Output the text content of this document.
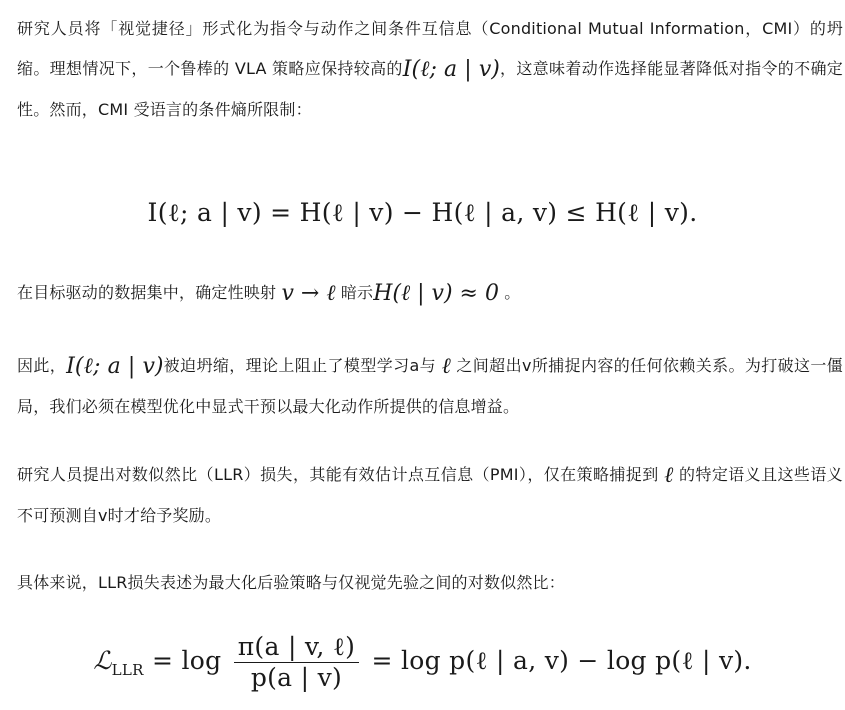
研究人员将「视觉捷径」形式化为指令与动作之间条件互信息（Conditional Mutual Information，CMI）的坍缩。理想情况下，一个鲁棒的 VLA 策略应保持较高的I(ℓ; a | v)，这意味着动作选择能显著降低对指令的不确定性。然而，CMI 受语言的条件熵所限制：
I(ℓ; a | v) = H(ℓ | v) − H(ℓ | a, v) ≤ H(ℓ | v).
在目标驱动的数据集中，确定性映射 v → ℓ 暗示H(ℓ | v) ≈ 0 。
因此，I(ℓ; a | v)被迫坍缩，理论上阻止了模型学习a与 ℓ 之间超出v所捕捉内容的任何依赖关系。为打破这一僵局，我们必须在模型优化中显式干预以最大化动作所提供的信息增益。
研究人员提出对数似然比（LLR）损失，其能有效估计点互信息（PMI），仅在策略捕捉到 ℓ 的特定语义且这些语义不可预测自v时才给予奖励。
具体来说，LLR损失表述为最大化后验策略与仅视觉先验之间的对数似然比：
ℒ$_{LLR}$ = $\log \frac{\text{π(a | v, ℓ)}}{p(a | v)} = \log$ p(ℓ | a, v) − log p(ℓ | v).
